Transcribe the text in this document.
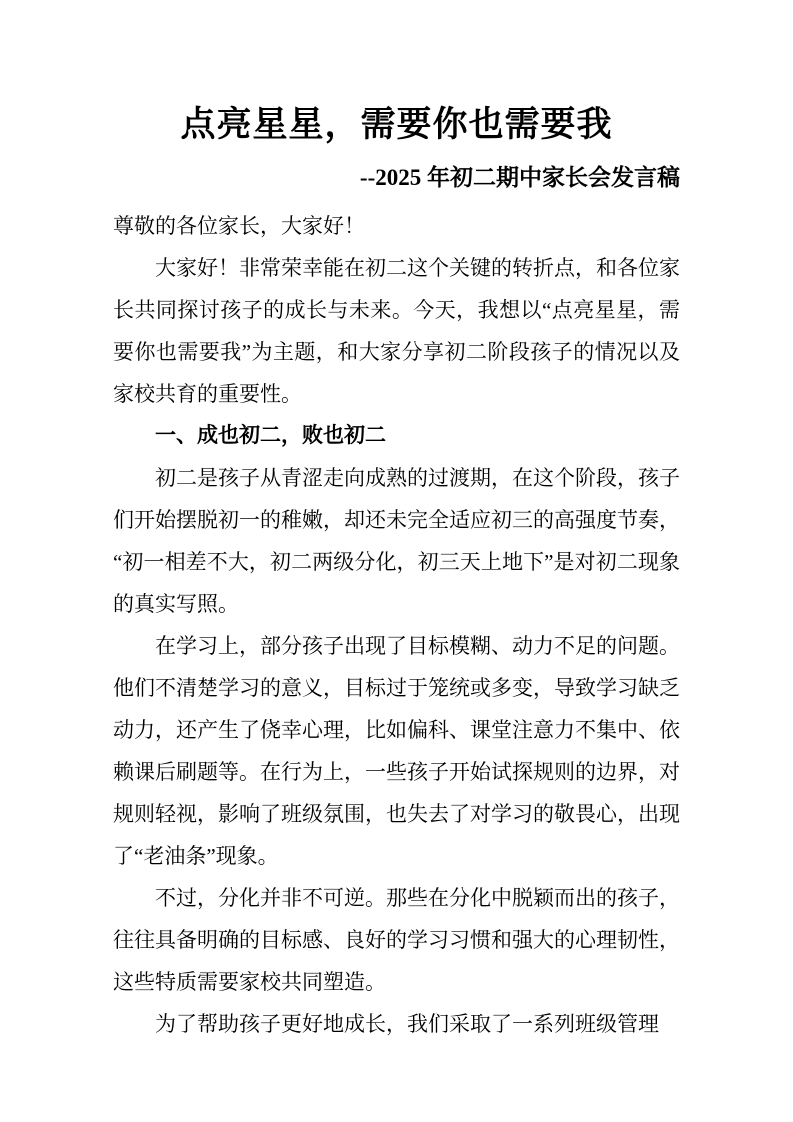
点亮星星，需要你也需要我
--2025 年初二期中家长会发言稿

尊敬的各位家长，大家好！

大家好！非常荣幸能在初二这个关键的转折点，和各位家长共同探讨孩子的成长与未来。今天，我想以“点亮星星，需要你也需要我”为主题，和大家分享初二阶段孩子的情况以及家校共育的重要性。

一、成也初二，败也初二

初二是孩子从青涩走向成熟的过渡期，在这个阶段，孩子们开始摆脱初一的稚嫩，却还未完全适应初三的高强度节奏，“初一相差不大，初二两级分化，初三天上地下”是对初二现象的真实写照。

在学习上，部分孩子出现了目标模糊、动力不足的问题。他们不清楚学习的意义，目标过于笼统或多变，导致学习缺乏动力，还产生了侥幸心理，比如偏科、课堂注意力不集中、依赖课后刷题等。在行为上，一些孩子开始试探规则的边界，对规则轻视，影响了班级氛围，也失去了对学习的敬畏心，出现了“老油条”现象。

不过，分化并非不可逆。那些在分化中脱颖而出的孩子，往往具备明确的目标感、良好的学习习惯和强大的心理韧性，这些特质需要家校共同塑造。

为了帮助孩子更好地成长，我们采取了一系列班级管理
